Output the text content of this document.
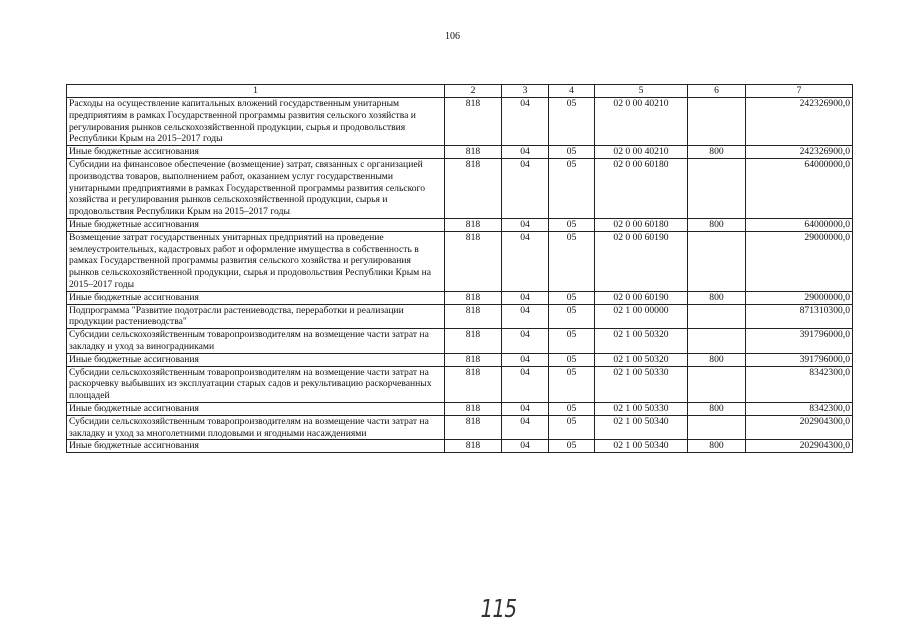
106
1	2	3	4	5	6	7
Расходы на осуществление капитальных вложений государственным унитарным предприятиям в рамках Государственной программы развития сельского хозяйства и регулирования рынков сельскохозяйственной продукции, сырья и продовольствия Республики Крым на 2015–2017 годы	818	04	05	02 0 00 40210		242326900,0
Иные бюджетные ассигнования	818	04	05	02 0 00 40210	800	242326900,0
Субсидии на финансовое обеспечение (возмещение) затрат, связанных с организацией производства товаров, выполнением работ, оказанием услуг государственными унитарными предприятиями в рамках Государственной программы развития сельского хозяйства и регулирования рынков сельскохозяйственной продукции, сырья и продовольствия Республики Крым на 2015–2017 годы	818	04	05	02 0 00 60180		64000000,0
Иные бюджетные ассигнования	818	04	05	02 0 00 60180	800	64000000,0
Возмещение затрат государственных унитарных предприятий на проведение землеустроительных, кадастровых работ и оформление имущества в собственность в рамках Государственной программы развития сельского хозяйства и регулирования рынков сельскохозяйственной продукции, сырья и продовольствия Республики Крым на 2015–2017 годы	818	04	05	02 0 00 60190		29000000,0
Иные бюджетные ассигнования	818	04	05	02 0 00 60190	800	29000000,0
Подпрограмма "Развитие подотрасли растениеводства, переработки и реализации продукции растениеводства"	818	04	05	02 1 00 00000		871310300,0
Субсидии сельскохозяйственным товаропроизводителям на возмещение части затрат на закладку и уход за виноградниками	818	04	05	02 1 00 50320		391796000,0
Иные бюджетные ассигнования	818	04	05	02 1 00 50320	800	391796000,0
Субсидии сельскохозяйственным товаропроизводителям на возмещение части затрат на раскорчевку выбывших из эксплуатации старых садов и рекультивацию раскорчеванных площадей	818	04	05	02 1 00 50330		8342300,0
Иные бюджетные ассигнования	818	04	05	02 1 00 50330	800	8342300,0
Субсидии сельскохозяйственным товаропроизводителям на возмещение части затрат на закладку и уход за многолетними плодовыми и ягодными насаждениями	818	04	05	02 1 00 50340		202904300,0
Иные бюджетные ассигнования	818	04	05	02 1 00 50340	800	202904300,0
115
